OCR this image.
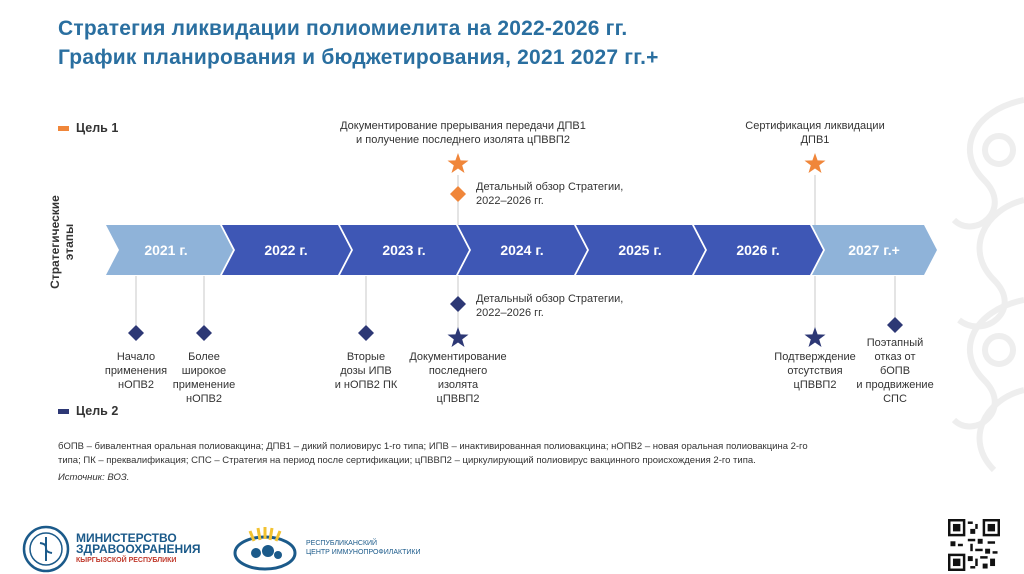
Стратегия ликвидации полиомиелита на 2022-2026 гг.
График планирования и бюджетирования, 2021 2027 гг.+
Цель 1
Цель 2
Стратегические этапы	2021 г.	2022 г.	2023 г.	2024 г.	2025 г.	2026 г.	2027 г.+
Документирование прерывания передачи ДПВ1
и получение последнего изолята цПВВП2
Детальный обзор Стратегии,
2022–2026 гг.
Сертификация ликвидации
ДПВ1
Детальный обзор Стратегии,
2022–2026 гг.
Начало
применения
нОПВ2
Более
широкое
применение
нОПВ2
Вторые
дозы ИПВ
и нОПВ2 ПК
Документирование
последнего
изолята
цПВВП2
Подтверждение
отсутствия
цПВВП2
Поэтапный
отказ от
бОПВ
и продвижение
СПС
бОПВ – бивалентная оральная полиовакцина; ДПВ1 – дикий полиовирус 1-го типа; ИПВ – инактивированная полиовакцина; нОПВ2 – новая оральная полиовакцина 2-го
типа; ПК – преквалификация; СПС – Стратегия на период после сертификации; цПВВП2 – циркулирующий полиовирус вакцинного происхождения 2-го типа.
Источник: ВОЗ.
МИНИСТЕРСТВО
ЗДРАВООХРАНЕНИЯ
КЫРГЫЗСКОЙ РЕСПУБЛИКИ
РЕСПУБЛИКАНСКИЙ
ЦЕНТР ИММУНОПРОФИЛАКТИКИ
